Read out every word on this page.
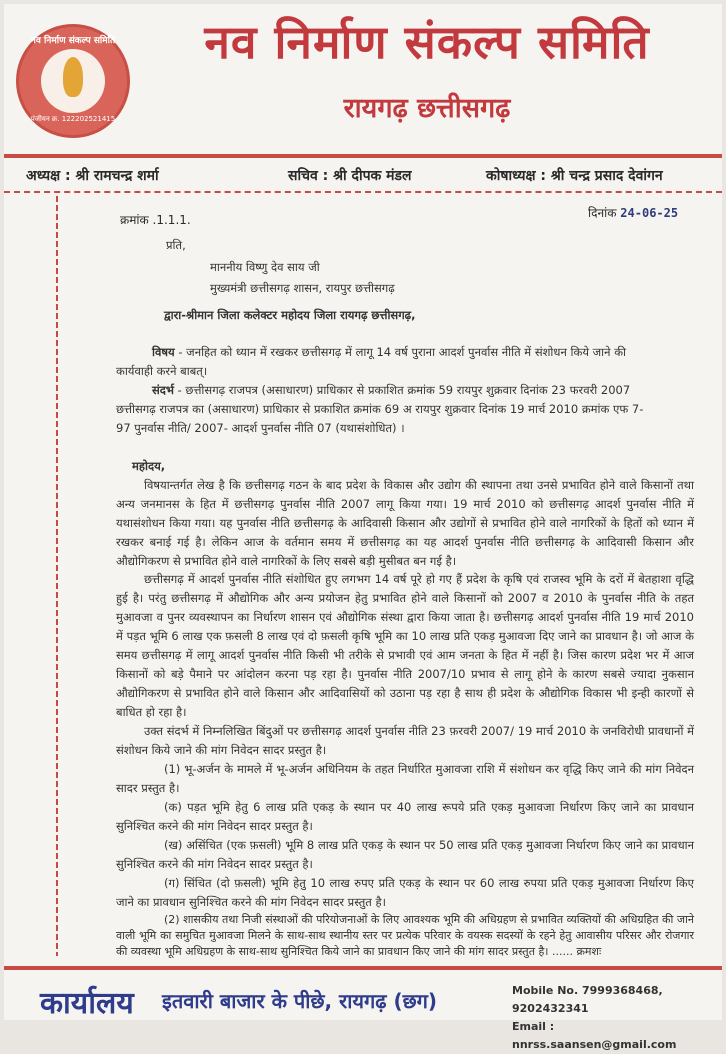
नव निर्माण संकल्प समिति
पंजीयन क्र. 122202521415
नव निर्माण संकल्प समिति
रायगढ़ छत्तीसगढ़
अध्यक्ष : श्री रामचन्द्र शर्मा	सचिव : श्री दीपक मंडल	कोषाध्यक्ष : श्री चन्द्र प्रसाद देवांगन
दिनांक 24-06-25
क्रमांक .1.1.1.
प्रति,
माननीय विष्णु देव साय जी
मुख्यमंत्री छत्तीसगढ़ शासन, रायपुर छत्तीसगढ़
द्वारा-श्रीमान जिला कलेक्टर महोदय जिला रायगढ़ छत्तीसगढ़,
विषय - जनहित को ध्यान में रखकर छत्तीसगढ़ में लागू 14 वर्ष पुराना आदर्श पुनर्वास नीति में संशोधन किये जाने की
कार्यवाही करने बाबत्।
संदर्भ - छत्तीसगढ़ राजपत्र (असाधारण) प्राधिकार से प्रकाशित क्रमांक 59 रायपुर शुक्रवार दिनांक 23 फरवरी 2007
छत्तीसगढ़ राजपत्र का (असाधारण) प्राधिकार से प्रकाशित क्रमांक 69 अ रायपुर शुक्रवार दिनांक 19 मार्च 2010 क्रमांक एफ 7-
97 पुनर्वास नीति/ 2007- आदर्श पुनर्वास नीति 07 (यथासंशोधित) ।
महोदय,
विषयान्तर्गत लेख है कि छत्तीसगढ़ गठन के बाद प्रदेश के विकास और उद्योग की स्थापना तथा उनसे प्रभावित होने वाले किसानों तथा अन्य जनमानस के हित में छत्तीसगढ़ पुनर्वास नीति 2007 लागू किया गया। 19 मार्च 2010 को छत्तीसगढ़ आदर्श पुनर्वास नीति में यथासंशोधन किया गया। यह पुनर्वास नीति छत्तीसगढ़ के आदिवासी किसान और उद्योगों से प्रभावित होने वाले नागरिकों के हितों को ध्यान में रखकर बनाई गई है। लेकिन आज के वर्तमान समय में छत्तीसगढ़ का यह आदर्श पुनर्वास नीति छत्तीसगढ़ के आदिवासी किसान और औद्योगिकरण से प्रभावित होने वाले नागरिकों के लिए सबसे बड़ी मुसीबत बन गई है।
छत्तीसगढ़ में आदर्श पुनर्वास नीति संशोधित हुए लगभग 14 वर्ष पूरे हो गए हैं प्रदेश के कृषि एवं राजस्व भूमि के दरों में बेतहाशा वृद्धि हुई है। परंतु छत्तीसगढ़ में औद्योगिक और अन्य प्रयोजन हेतु प्रभावित होने वाले किसानों को 2007 व 2010 के पुनर्वास नीति के तहत मुआवजा व पुनर व्यवस्थापन का निर्धारण शासन एवं औद्योगिक संस्था द्वारा किया जाता है। छत्तीसगढ़ आदर्श पुनर्वास नीति 19 मार्च 2010 में पड़त भूमि 6 लाख एक फ़सली 8 लाख एवं दो फ़सली कृषि भूमि का 10 लाख प्रति एकड़ मुआवजा दिए जाने का प्रावधान है। जो आज के समय छत्तीसगढ़ में लागू आदर्श पुनर्वास नीति किसी भी तरीके से प्रभावी एवं आम जनता के हित में नहीं है। जिस कारण प्रदेश भर में आज किसानों को बड़े पैमाने पर आंदोलन करना पड़ रहा है। पुनर्वास नीति 2007/10 प्रभाव से लागू होने के कारण सबसे ज्यादा नुकसान औद्योगिकरण से प्रभावित होने वाले किसान और आदिवासियों को उठाना पड़ रहा है साथ ही प्रदेश के औद्योगिक विकास भी इन्ही कारणों से बाधित हो रहा है।
उक्त संदर्भ में निम्नलिखित बिंदुओं पर छत्तीसगढ़ आदर्श पुनर्वास नीति 23 फ़रवरी 2007/ 19 मार्च 2010 के जनविरोधी प्रावधानों में संशोधन किये जाने की मांग निवेदन सादर प्रस्तुत है।
(1) भू-अर्जन के मामले में भू-अर्जन अधिनियम के तहत निर्धारित मुआवजा राशि में संशोधन कर वृद्धि किए जाने की मांग निवेदन सादर प्रस्तुत है।
(क) पड़त भूमि हेतु 6 लाख प्रति एकड़ के स्थान पर 40 लाख रूपये प्रति एकड़ मुआवजा निर्धारण किए जाने का प्रावधान सुनिश्चित करने की मांग निवेदन सादर प्रस्तुत है।
(ख) असिंचित (एक फ़सली) भूमि 8 लाख प्रति एकड़ के स्थान पर 50 लाख प्रति एकड़ मुआवजा निर्धारण किए जाने का प्रावधान सुनिश्चित करने की मांग निवेदन सादर प्रस्तुत है।
(ग) सिंचित (दो फ़सली) भूमि हेतु 10 लाख रुपए प्रति एकड़ के स्थान पर 60 लाख रुपया प्रति एकड़ मुआवजा निर्धारण किए जाने का प्रावधान सुनिश्चित करने की मांग निवेदन सादर प्रस्तुत है।
(2) शासकीय तथा निजी संस्थाओं की परियोजनाओं के लिए आवश्यक भूमि की अधिग्रहण से प्रभावित व्यक्तियों की अधिग्रहित की जाने वाली भूमि का समुचित मुआवजा मिलने के साथ-साथ स्थानीय स्तर पर प्रत्येक परिवार के वयस्क सदस्यों के रहने हेतु आवासीय परिसर और रोजगार की व्यवस्था भूमि अधिग्रहण के साथ-साथ सुनिश्चित किये जाने का प्रावधान किए जाने की मांग सादर प्रस्तुत है। ...... क्रमशः
कार्यालय इतवारी बाजार के पीछे, रायगढ़ (छग)	Mobile No. 7999368468, 9202432341
Email : nnrss.saansen@gmail.com
